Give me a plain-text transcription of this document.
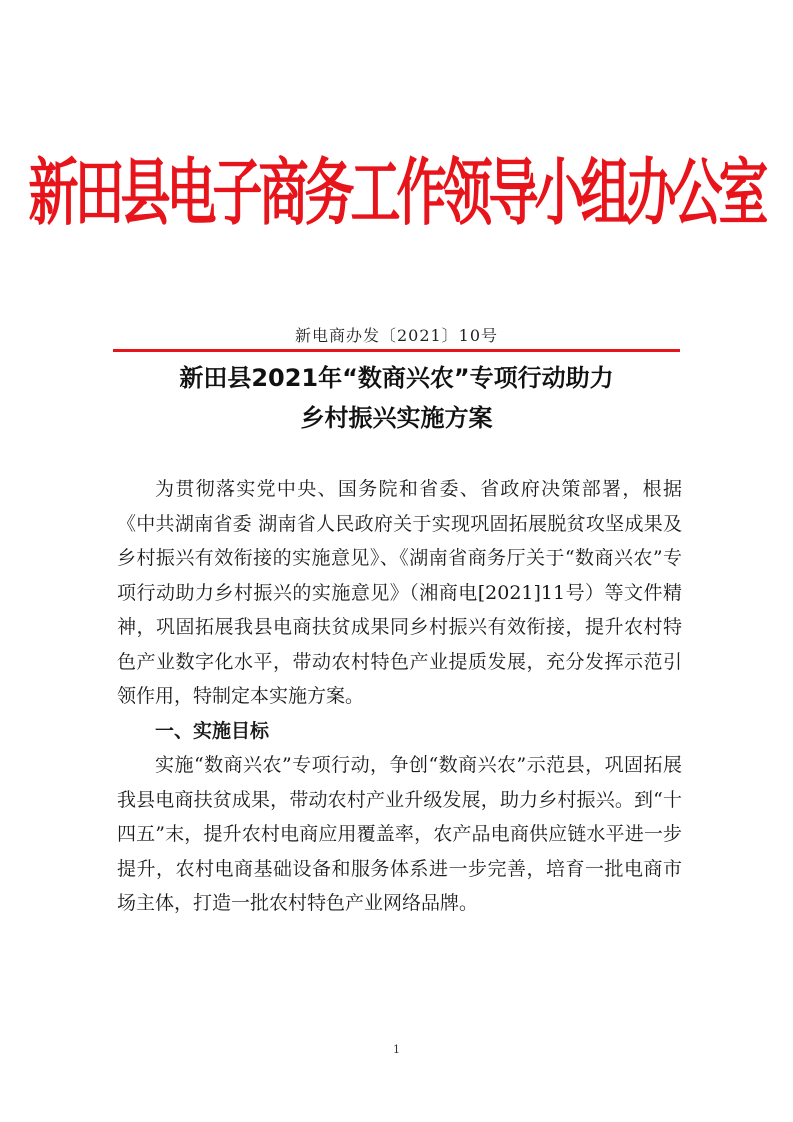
新田县电子商务工作领导小组办公室
新电商办发〔2021〕10号
新田县2021年“数商兴农”专项行动助力
乡村振兴实施方案

为贯彻落实党中央、国务院和省委、省政府决策部署，根据《中共湖南省委 湖南省人民政府关于实现巩固拓展脱贫攻坚成果及乡村振兴有效衔接的实施意见》、《湖南省商务厅关于“数商兴农”专项行动助力乡村振兴的实施意见》（湘商电[2021]11号）等文件精神，巩固拓展我县电商扶贫成果同乡村振兴有效衔接，提升农村特色产业数字化水平，带动农村特色产业提质发展，充分发挥示范引领作用，特制定本实施方案。

一、实施目标

实施“数商兴农”专项行动，争创“数商兴农”示范县，巩固拓展我县电商扶贫成果，带动农村产业升级发展，助力乡村振兴。到“十四五”末，提升农村电商应用覆盖率，农产品电商供应链水平进一步提升，农村电商基础设备和服务体系进一步完善，培育一批电商市场主体，打造一批农村特色产业网络品牌。

1
